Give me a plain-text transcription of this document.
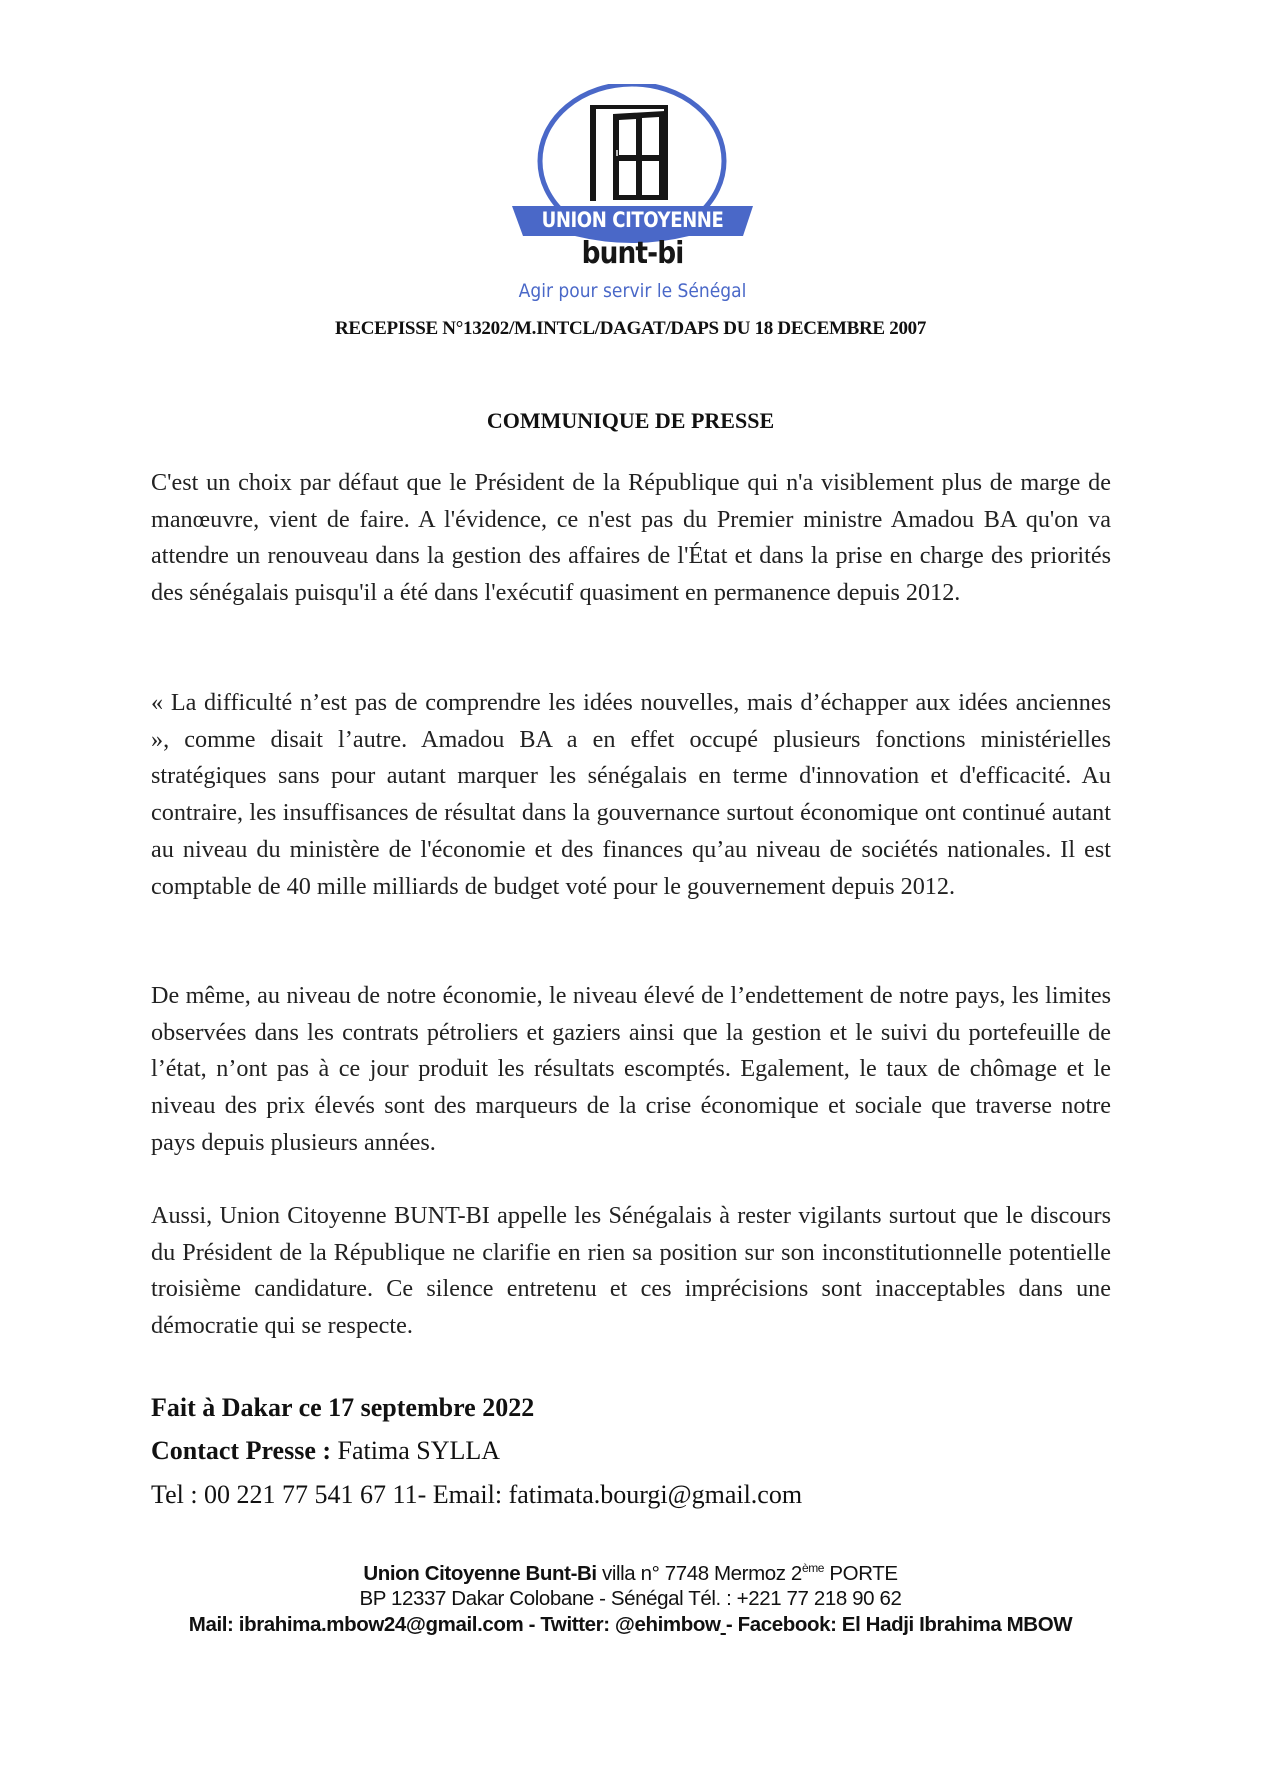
UNION CITOYENNE
bunt-bi
Agir pour servir le Sénégal
RECEPISSE N°13202/M.INTCL/DAGAT/DAPS DU 18 DECEMBRE 2007
COMMUNIQUE DE PRESSE

C'est un choix par défaut que le Président de la République qui n'a visiblement plus de marge de manœuvre, vient de faire. A l'évidence, ce n'est pas du Premier ministre Amadou BA qu'on va attendre un renouveau dans la gestion des affaires de l'État et dans la prise en charge des priorités des sénégalais puisqu'il a été dans l'exécutif quasiment en permanence depuis 2012.

« La difficulté n’est pas de comprendre les idées nouvelles, mais d’échapper aux idées anciennes », comme disait l’autre. Amadou BA a en effet occupé plusieurs fonctions ministérielles stratégiques sans pour autant marquer les sénégalais en terme d'innovation et d'efficacité. Au contraire, les insuffisances de résultat dans la gouvernance surtout économique ont continué autant au niveau du ministère de l'économie et des finances qu’au niveau de sociétés nationales. Il est comptable de 40 mille milliards de budget voté pour le gouvernement depuis 2012.

De même, au niveau de notre économie, le niveau élevé de l’endettement de notre pays, les limites observées dans les contrats pétroliers et gaziers ainsi que la gestion et le suivi du portefeuille de l’état, n’ont pas à ce jour produit les résultats escomptés. Egalement, le taux de chômage et le niveau des prix élevés sont des marqueurs de la crise économique et sociale que traverse notre pays depuis plusieurs années.

Aussi, Union Citoyenne BUNT-BI appelle les Sénégalais à rester vigilants surtout que le discours du Président de la République ne clarifie en rien sa position sur son inconstitutionnelle potentielle troisième candidature. Ce silence entretenu et ces imprécisions sont inacceptables dans une démocratie qui se respecte.

Fait à Dakar ce 17 septembre 2022
Contact Presse : Fatima SYLLA
Tel : 00 221 77 541 67 11- Email: fatimata.bourgi@gmail.com
Union Citoyenne Bunt-Bi villa n° 7748 Mermoz 2ème PORTE
BP 12337 Dakar Colobane - Sénégal Tél. : +221 77 218 90 62
Mail: ibrahima.mbow24@gmail.com - Twitter: @ehimbow - Facebook: El Hadji Ibrahima MBOW
